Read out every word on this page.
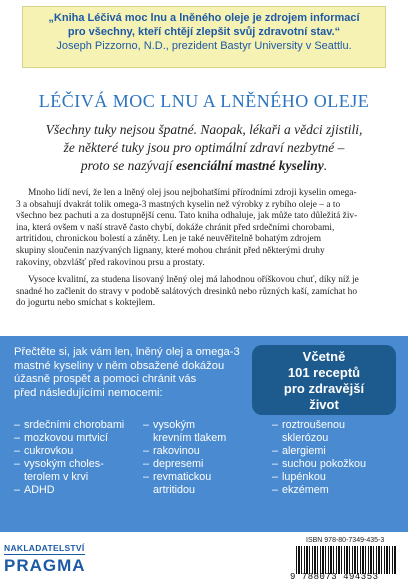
„Kniha Léčivá moc lnu a lněného oleje je zdrojem informací
pro všechny, kteří chtějí zlepšit svůj zdravotní stav.“
Joseph Pizzorno, N.D., prezident Bastyr University v Seattlu.
LÉČIVÁ MOC LNU A LNĚNÉHO OLEJE
Všechny tuky nejsou špatné. Naopak, lékaři a vědci zjistili,
že některé tuky jsou pro optimální zdraví nezbytné –
proto se nazývají esenciální mastné kyseliny.
Mnoho lidí neví, že len a lněný olej jsou nejbohatšími přírodními zdroji kyselin omega-
3 a obsahují dvakrát tolik omega-3 mastných kyselin než výrobky z rybího oleje – a to
všechno bez pachuti a za dostupnější cenu. Tato kniha odhaluje, jak může tato důležitá živ-
ina, která ovšem v naší stravě často chybí, dokáže chránit před srdečními chorobami,
artritidou, chronickou bolestí a záněty. Len je také neuvěřitelně bohatým zdrojem
skupiny sloučenin nazývaných lignany, které mohou chránit před některými druhy
rakoviny, obzvlášť před rakovinou prsu a prostaty.
Vysoce kvalitní, za studena lisovaný lněný olej má lahodnou oříškovou chuť, díky níž je
snadné ho začlenit do stravy v podobě salátových dresinků nebo různých kaší, zamíchat ho
do jogurtu nebo smíchat s koktejlem.
Přečtěte si, jak vám len, lněný olej a omega-3
mastné kyseliny v něm obsažené dokážou
úžasně prospět a pomoci chránit vás
před následujícími nemocemi:
Včetně
101 receptů
pro zdravější
život
– srdečními chorobami
– mozkovou mrtvicí
– cukrovkou
– vysokým choles-
terolem v krvi
– ADHD
– vysokým
krevním tlakem
– rakovinou
– depresemi
– revmatickou
artritidou
– roztroušenou
sklerózou
– alergiemi
– suchou pokožkou
– lupénkou
– ekzémem
NAKLADATELSTVÍ
PRAGMA
ISBN 978-80-7349-435-3
9 788073 494353
